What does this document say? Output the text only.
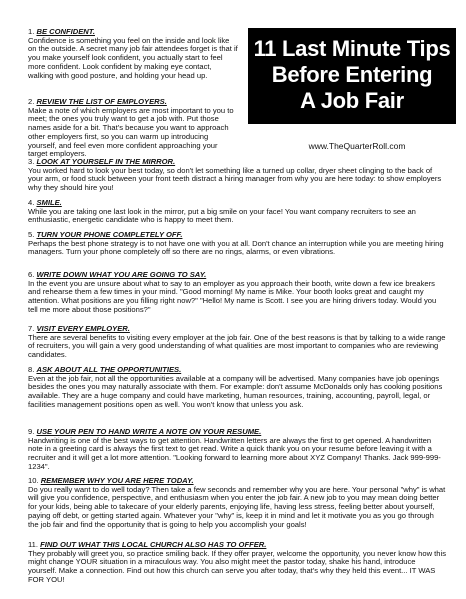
11 Last Minute Tips
Before Entering
A Job Fair
www.TheQuarterRoll.com
1. BE CONFIDENT.
Confidence is something you feel on the inside and look like on the outside. A secret many job fair attendees forget is that if you make yourself look confident, you actually start to feel more confident. Look confident by making eye contact, walking with good posture, and holding your head up.
2. REVIEW THE LIST OF EMPLOYERS.
Make a note of which employers are most important to you to meet; the ones you truly want to get a job with. Put those names aside for a bit. That's because you want to approach other employers first, so you can warm up introducing yourself, and feel even more confident approaching your target employers.
3. LOOK AT YOURSELF IN THE MIRROR.
You worked hard to look your best today, so don't let something like a turned up collar, dryer sheet clinging to the back of your arm, or food stuck between your front teeth distract a hiring manager from why you are here today: to show employers why they should hire you!
4. SMILE.
While you are taking one last look in the mirror, put a big smile on your face! You want company recruiters to see an enthusiastic, energetic candidate who is happy to meet them.
5. TURN YOUR PHONE COMPLETELY OFF.
Perhaps the best phone strategy is to not have one with you at all. Don't chance an interruption while you are meeting hiring managers. Turn your phone completely off so there are no rings, alarms, or even vibrations.
6. WRITE DOWN WHAT YOU ARE GOING TO SAY.
In the event you are unsure about what to say to an employer as you approach their booth, write down a few ice breakers and rehearse them a few times in your mind. "Good morning! My name is Mike. Your booth looks great and caught my attention. What positions are you filling right now?" "Hello! My name is Scott. I see you are hiring drivers today. Would you tell me more about those positions?"
7. VISIT EVERY EMPLOYER.
There are several benefits to visiting every employer at the job fair. One of the best reasons is that by talking to a wide range of recruiters, you will gain a very good understanding of what qualities are most important to companies who are reviewing candidates.
8. ASK ABOUT ALL THE OPPORTUNITIES.
Even at the job fair, not all the opportunities available at a company will be advertised. Many companies have job openings besides the ones you may naturally associate with them. For example: don't assume McDonalds only has cooking positions available. They are a huge company and could have marketing, human resources, training, accounting, payroll, legal, or facilities management positions open as well. You won't know that unless you ask.
9. USE YOUR PEN TO HAND WRITE A NOTE ON YOUR RESUME.
Handwriting is one of the best ways to get attention. Handwritten letters are always the first to get opened. A handwritten note in a greeting card is always the first text to get read. Write a quick thank you on your resume before leaving it with a recruiter and it will get a lot more attention. "Looking forward to learning more about XYZ Company! Thanks. Jack 999-999-1234".
10. REMEMBER WHY YOU ARE HERE TODAY.
Do you really want to do well today? Then take a few seconds and remember why you are here. Your personal "why" is what will give you confidence, perspective, and enthusiasm when you enter the job fair. A new job to you may mean doing better for your kids, being able to takecare of your elderly parents, enjoying life, having less stress, feeling better about yourself, paying off debt, or getting started again. Whatever your "why" is, keep it in mind and let it motivate you as you go through the job fair and find the opportunity that is going to help you accomplish your goals!
11. FIND OUT WHAT THIS LOCAL CHURCH ALSO HAS TO OFFER.
They probably will greet you, so practice smiling back. If they offer prayer, welcome the opportunity, you never know how this might change YOUR situation in a miraculous way. You also might meet the pastor today, shake his hand, introduce yourself. Make a connection. Find out how this church can serve you after today, that's why they held this event... IT WAS FOR YOU!
